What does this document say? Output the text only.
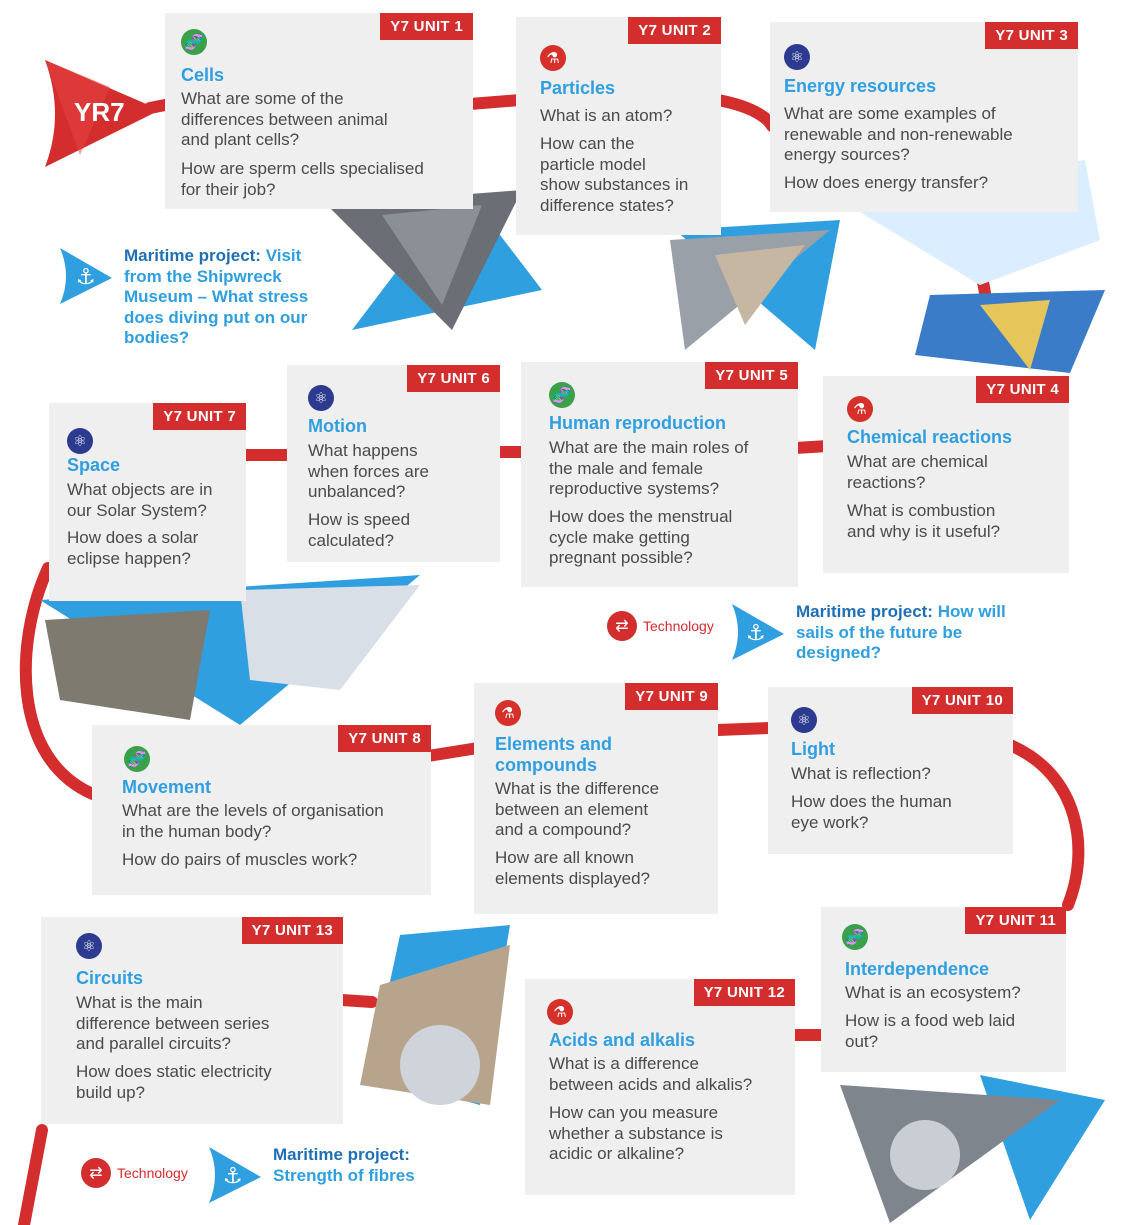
YR7
Y7 UNIT 1
🧬
Cells
What are some of the
differences between animal
and plant cells?
How are sperm cells specialised
for their job?
Y7 UNIT 2
⚗
Particles
What is an atom?
How can the
particle model
show substances in
difference states?
Y7 UNIT 3
⚛
Energy resources
What are some examples of
renewable and non-renewable
energy sources?
How does energy transfer?
Y7 UNIT 4
⚗
Chemical reactions
What are chemical
reactions?
What is combustion
and why is it useful?
Y7 UNIT 5
🧬
Human reproduction
What are the main roles of
the male and female
reproductive systems?
How does the menstrual
cycle make getting
pregnant possible?
Y7 UNIT 6
⚛
Motion
What happens
when forces are
unbalanced?
How is speed
calculated?
Y7 UNIT 7
⚛
Space
What objects are in
our Solar System?
How does a solar
eclipse happen?
Y7 UNIT 8
🧬
Movement
What are the levels of organisation
in the human body?
How do pairs of muscles work?
Y7 UNIT 9
⚗
Elements and
compounds
What is the difference
between an element
and a compound?
How are all known
elements displayed?
Y7 UNIT 10
⚛
Light
What is reflection?
How does the human
eye work?
Y7 UNIT 11
🧬
Interdependence
What is an ecosystem?
How is a food web laid
out?
Y7 UNIT 12
⚗
Acids and alkalis
What is a difference
between acids and alkalis?
How can you measure
whether a substance is
acidic or alkaline?
Y7 UNIT 13
⚛
Circuits
What is the main
difference between series
and parallel circuits?
How does static electricity
build up?
⚓
Maritime project: Visit from the Shipwreck Museum – What stress does diving put on our bodies?
⇄	Technology ⚓
Maritime project: How will sails of the future be designed?
⇄	Technology ⚓
Maritime project:
Strength of fibres
